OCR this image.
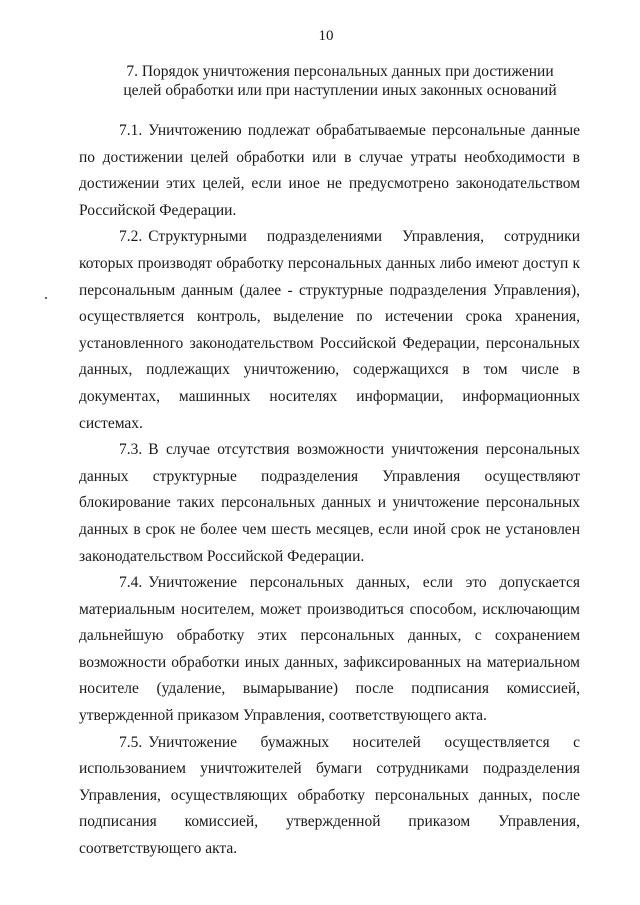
10
7. Порядок уничтожения персональных данных при достижении
целей обработки или при наступлении иных законных оснований

7.1. Уничтожению подлежат обрабатываемые персональные данные по достижении целей обработки или в случае утраты необходимости в достижении этих целей, если иное не предусмотрено законодательством Российской Федерации.

7.2. Структурными подразделениями Управления, сотрудники которых производят обработку персональных данных либо имеют доступ к персональным данным (далее - структурные подразделения Управления), осуществляется контроль, выделение по истечении срока хранения, установленного законодательством Российской Федерации, персональных данных, подлежащих уничтожению, содержащихся в том числе в документах, машинных носителях информации, информационных системах.

7.3. В случае отсутствия возможности уничтожения персональных данных структурные подразделения Управления осуществляют блокирование таких персональных данных и уничтожение персональных данных в срок не более чем шесть месяцев, если иной срок не установлен законодательством Российской Федерации.

7.4. Уничтожение персональных данных, если это допускается материальным носителем, может производиться способом, исключающим дальнейшую обработку этих персональных данных, с сохранением возможности обработки иных данных, зафиксированных на материальном носителе (удаление, вымарывание) после подписания комиссией, утвержденной приказом Управления, соответствующего акта.

7.5. Уничтожение бумажных носителей осуществляется с использованием уничтожителей бумаги сотрудниками подразделения Управления, осуществляющих обработку персональных данных, после подписания комиссией, утвержденной приказом Управления, соответствующего акта.
